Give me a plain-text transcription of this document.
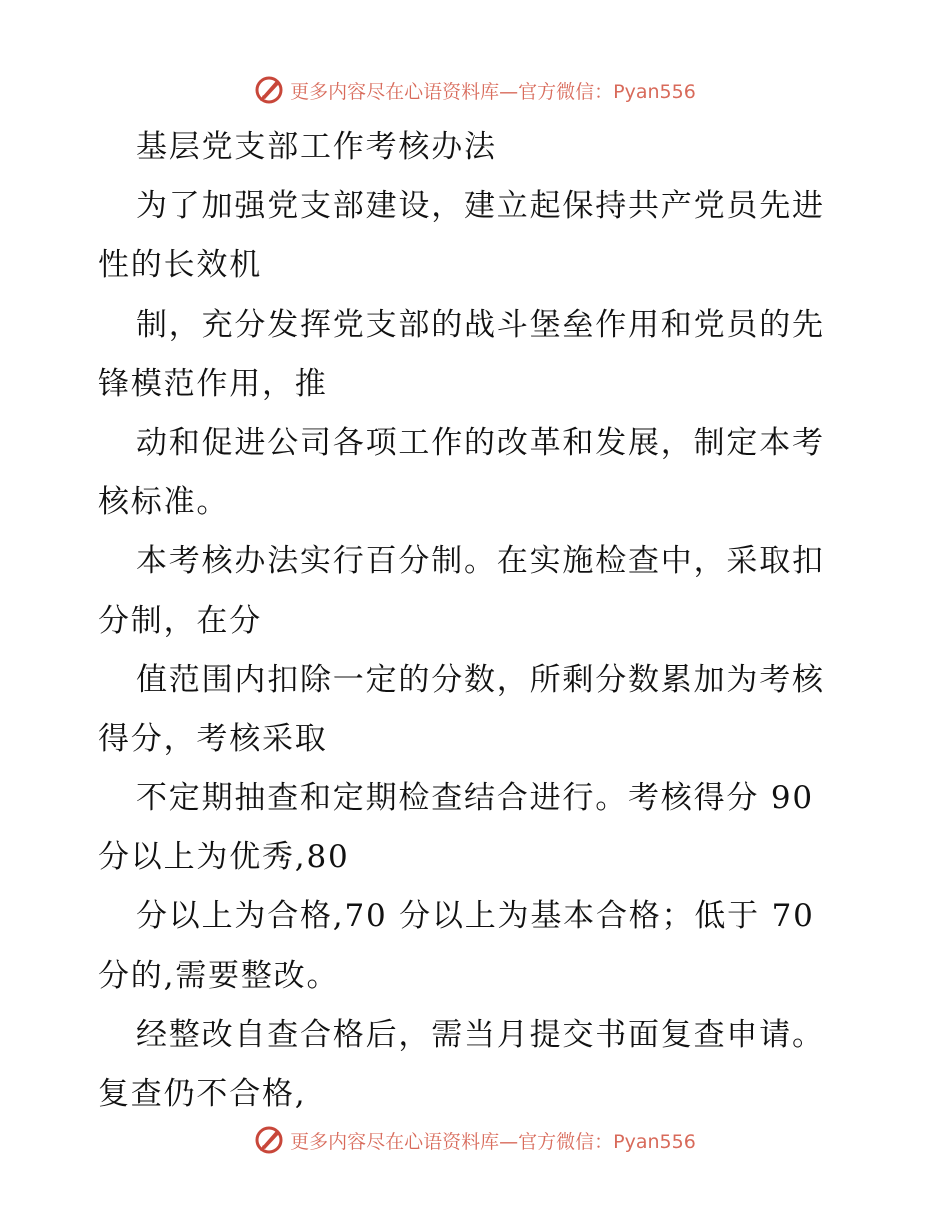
更多内容尽在心语资料库—官方微信：Pyan556
基层党支部工作考核办法
为了加强党支部建设，建立起保持共产党员先进
性的长效机
制，充分发挥党支部的战斗堡垒作用和党员的先
锋模范作用，推
动和促进公司各项工作的改革和发展，制定本考
核标准。
本考核办法实行百分制。在实施检查中，采取扣
分制，在分
值范围内扣除一定的分数，所剩分数累加为考核
得分，考核采取
不定期抽查和定期检查结合进行。考核得分 90
分以上为优秀,80
分以上为合格,70 分以上为基本合格；低于 70
分的,需要整改。
经整改自查合格后，需当月提交书面复查申请。
复查仍不合格,
更多内容尽在心语资料库—官方微信：Pyan556
